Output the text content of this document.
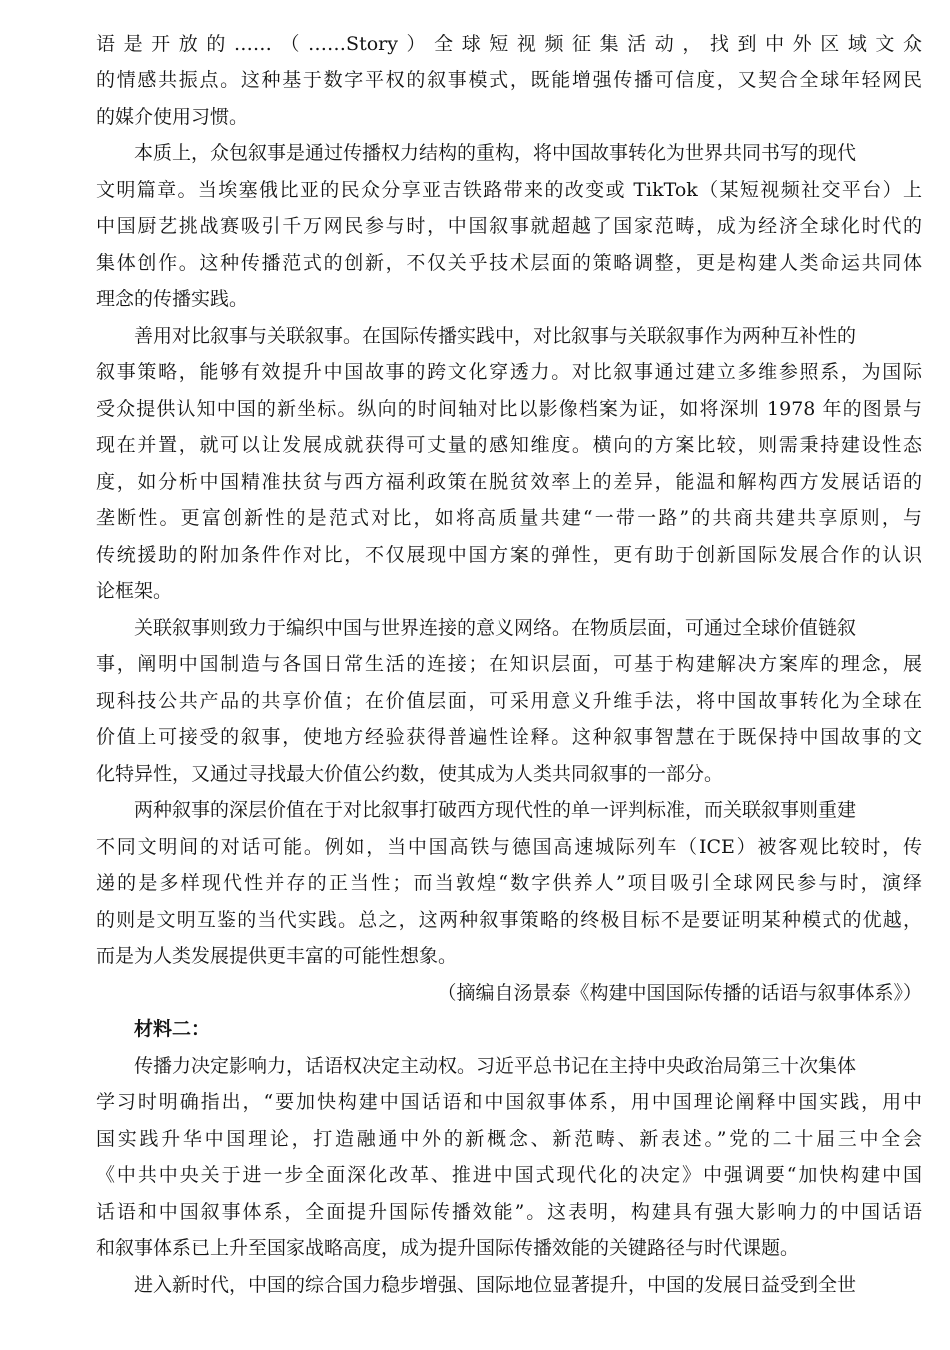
语是开放的……（……Story）全球短视频征集活动，找到中外区域文众
的情感共振点。这种基于数字平权的叙事模式，既能增强传播可信度，又契合全球年轻网民
的媒介使用习惯。
本质上，众包叙事是通过传播权力结构的重构，将中国故事转化为世界共同书写的现代
文明篇章。当埃塞俄比亚的民众分享亚吉铁路带来的改变或 TikTok（某短视频社交平台）上
中国厨艺挑战赛吸引千万网民参与时，中国叙事就超越了国家范畴，成为经济全球化时代的
集体创作。这种传播范式的创新，不仅关乎技术层面的策略调整，更是构建人类命运共同体
理念的传播实践。
善用对比叙事与关联叙事。在国际传播实践中，对比叙事与关联叙事作为两种互补性的
叙事策略，能够有效提升中国故事的跨文化穿透力。对比叙事通过建立多维参照系，为国际
受众提供认知中国的新坐标。纵向的时间轴对比以影像档案为证，如将深圳 1978 年的图景与
现在并置，就可以让发展成就获得可丈量的感知维度。横向的方案比较，则需秉持建设性态
度，如分析中国精准扶贫与西方福利政策在脱贫效率上的差异，能温和解构西方发展话语的
垄断性。更富创新性的是范式对比，如将高质量共建“一带一路”的共商共建共享原则，与
传统援助的附加条件作对比，不仅展现中国方案的弹性，更有助于创新国际发展合作的认识
论框架。
关联叙事则致力于编织中国与世界连接的意义网络。在物质层面，可通过全球价值链叙
事，阐明中国制造与各国日常生活的连接；在知识层面，可基于构建解决方案库的理念，展
现科技公共产品的共享价值；在价值层面，可采用意义升维手法，将中国故事转化为全球在
价值上可接受的叙事，使地方经验获得普遍性诠释。这种叙事智慧在于既保持中国故事的文
化特异性，又通过寻找最大价值公约数，使其成为人类共同叙事的一部分。
两种叙事的深层价值在于对比叙事打破西方现代性的单一评判标准，而关联叙事则重建
不同文明间的对话可能。例如，当中国高铁与德国高速城际列车（ICE）被客观比较时，传
递的是多样现代性并存的正当性；而当敦煌“数字供养人”项目吸引全球网民参与时，演绎
的则是文明互鉴的当代实践。总之，这两种叙事策略的终极目标不是要证明某种模式的优越，
而是为人类发展提供更丰富的可能性想象。
（摘编自汤景泰《构建中国国际传播的话语与叙事体系》）
材料二：
传播力决定影响力，话语权决定主动权。习近平总书记在主持中央政治局第三十次集体
学习时明确指出，“要加快构建中国话语和中国叙事体系，用中国理论阐释中国实践，用中
国实践升华中国理论，打造融通中外的新概念、新范畴、新表述。”党的二十届三中全会
《中共中央关于进一步全面深化改革、推进中国式现代化的决定》中强调要“加快构建中国
话语和中国叙事体系，全面提升国际传播效能”。这表明，构建具有强大影响力的中国话语
和叙事体系已上升至国家战略高度，成为提升国际传播效能的关键路径与时代课题。
进入新时代，中国的综合国力稳步增强、国际地位显著提升，中国的发展日益受到全世
